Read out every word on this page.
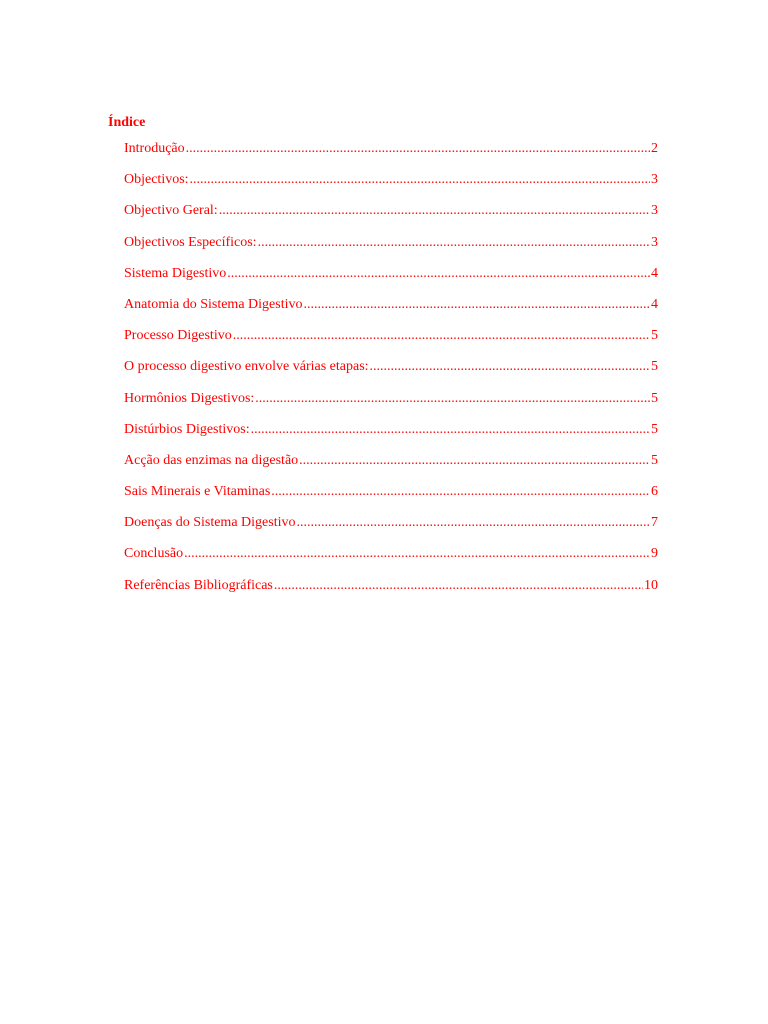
Índice
Introdução .....	2
Objectivos: .....	3
Objectivo Geral: .....	3
Objectivos Específicos: .....	3
Sistema Digestivo .....	4
Anatomia do Sistema Digestivo .....	4
Processo Digestivo .....	5
O processo digestivo envolve várias etapas: .....	5
Hormônios Digestivos: .....	5
Distúrbios Digestivos: .....	5
Acção das enzimas na digestão .....	5
Sais Minerais e Vitaminas .....	6
Doenças do Sistema Digestivo .....	7
Conclusão .....	9
Referências Bibliográficas .....	10
